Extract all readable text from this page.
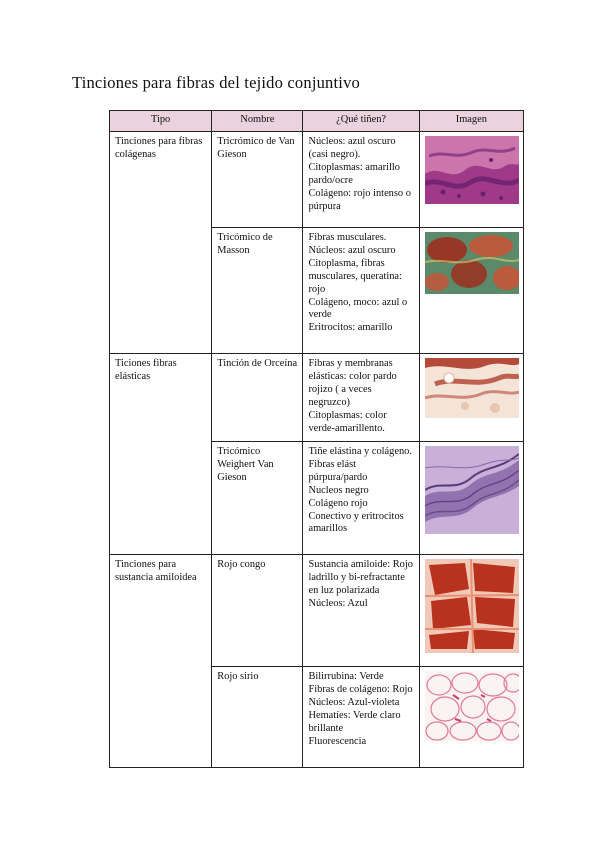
Tinciones para fibras del tejido conjuntivo
Tipo	Nombre	¿Qué tiñen?	Imagen
Tinciones para fibras colágenas	Tricrómico de Van Gieson	Núcleos: azul oscuro (casi negro).
Citoplasmas: amarillo pardo/ocre
Colágeno: rojo intenso o púrpura

	Tricómico de Masson	Fibras musculares.
Núcleos: azul oscuro
Citoplasma, fibras musculares, queratina: rojo
Colágeno, moco: azul o verde
Eritrocitos: amarillo

Ticiones fibras elásticas	Tinción de Orceína	Fibras y membranas elásticas: color pardo rojizo ( a veces negruzco)
Citoplasmas: color verde-amarillento.

	Tricómico Weighert Van Gieson	Tiñe elástina y colágeno.
Fibras elást púrpura/pardo
Nucleos negro
Colágeno rojo
Conectivo y eritrocitos amarillos

Tinciones para sustancia amiloidea	Rojo congo	Sustancia amiloide: Rojo ladrillo y bi-refractante en luz polarizada
Núcleos: Azul

	Rojo sirio	Bilirrubina: Verde
Fibras de colágeno: Rojo
Núcleos: Azul-violeta
Hematíes: Verde claro brillante
Fluorescencia
